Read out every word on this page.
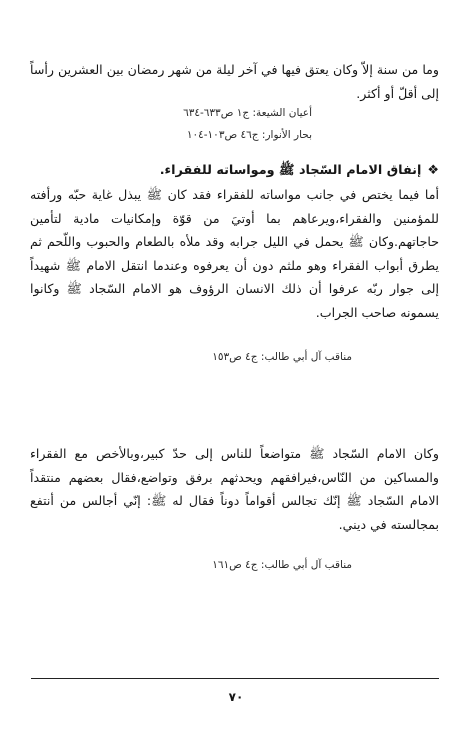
وما من سنة إلاّ وكان يعتق فيها في آخر ليلة من شهر رمضان بين العشرين رأساً إلى أقلّ أو أكثر.

أعيان الشيعة: ج١ ص٦٣٣-٦٣٤

بحار الأنوار: ج٤٦ ص١٠٣-١٠٤

❖إنفاق الامام السّجاد ﷺ ومواساته للفقراء.

أما فيما يختص في جانب مواساته للفقراء فقد كان ﷺ يبذل غاية حبّه ورأفته للمؤمنين والفقراء،ويرعاهم بما أوتيَ من قوّة وإمكانيات مادية لتأمين حاجاتهم.وكان ﷺ يحمل في الليل جرابه وقد ملأه بالطعام والحبوب واللّحم ثم يطرق أبواب الفقراء وهو ملثم دون أن يعرفوه وعندما انتقل الامام ﷺ شهيداً إلى جوار ربّه عرفوا أن ذلك الانسان الرؤوف هو الامام السّجاد ﷺ وكانوا يسمونه صاحب الجراب.

مناقب آل أبي طالب: ج٤ ص١٥٣

وكان الامام السّجاد ﷺ متواضعاً للناس إلى حدّ كبير،وبالأخص مع الفقراء والمساكين من النّاس،فيرافقهم ويحدثهم برفق وتواضع،فقال بعضهم منتقداً الامام السّجاد ﷺ إنّك تجالس أقواماً دوناً فقال له ﷺ: إنّي أجالس من أنتفع بمجالسته في ديني.

مناقب آل أبي طالب: ج٤ ص١٦١

٧٠
